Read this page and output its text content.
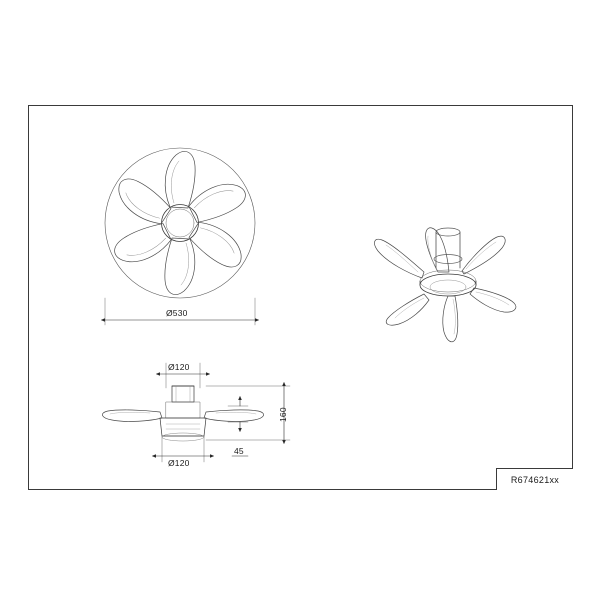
Ø530
Ø120
Ø120
45
160
R674621xx
